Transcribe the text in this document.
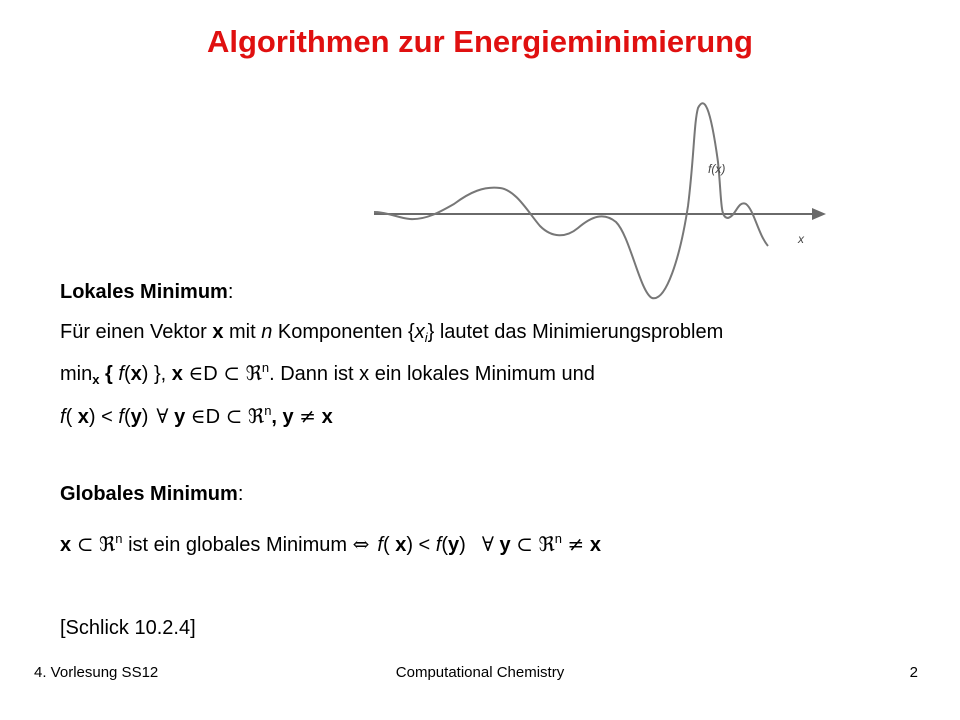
Algorithmen zur Energieminimierung
f(x)
x
Lokales Minimum:
Für einen Vektor x mit n Komponenten $\{x_i\}$ lautet das Minimierungsproblem
$\min_x$ { f(x) }, x ∈D ⊂ ℜ$^n$. Dann ist x ein lokales Minimum und
f( x) < f(y) ∀ y ∈D ⊂ ℜ$^n$, y ≠ x
Globales Minimum:
x ⊂ ℜ$^n$ ist ein globales Minimum ⇔ f( x) < f(y) ∀ y ⊂ ℜ$^n$ ≠ x
[Schlick 10.2.4]
4. Vorlesung SS12	Computational Chemistry	2
